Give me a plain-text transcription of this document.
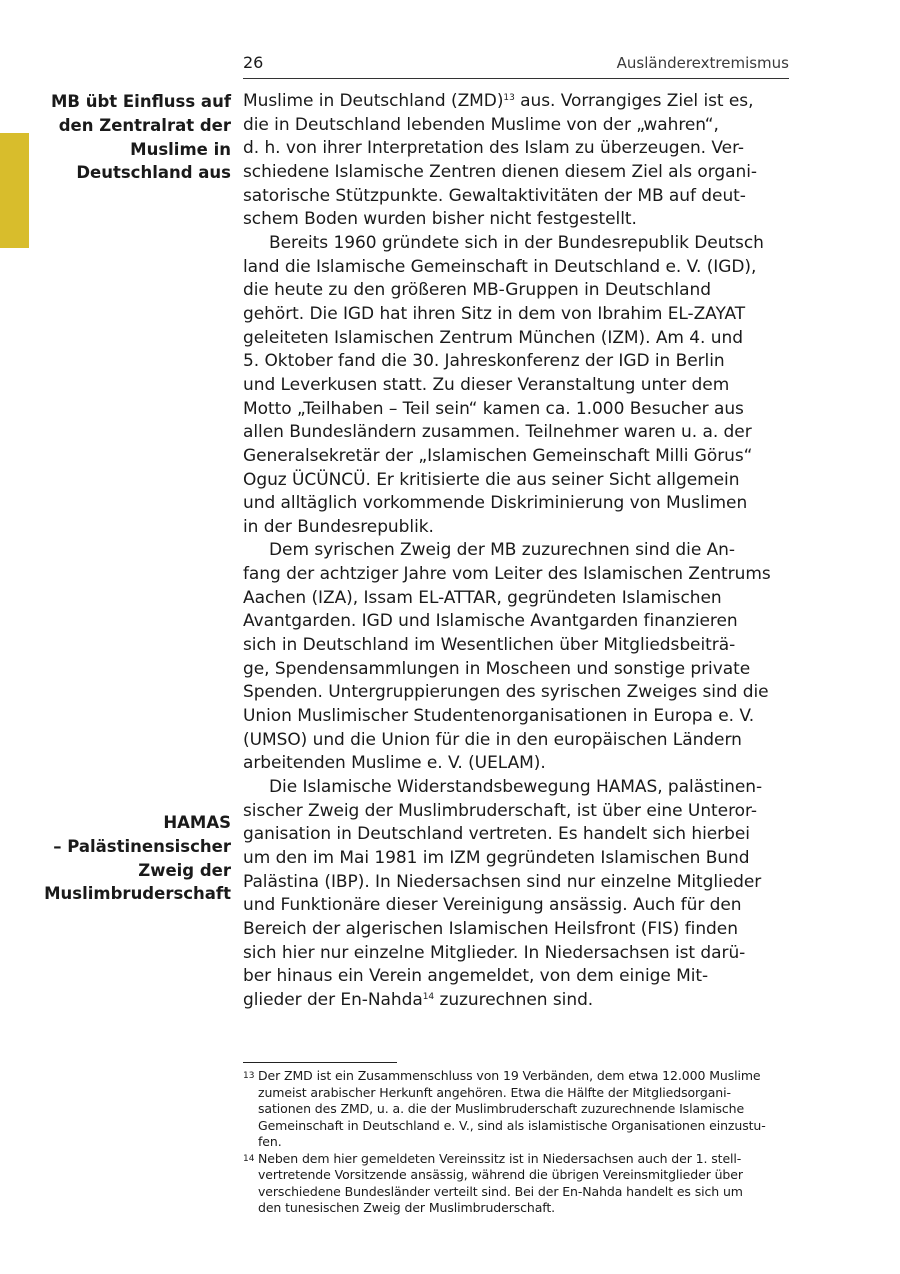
26	Ausländerextremismus

MB übt Einfluss auf
den Zentralrat der
Muslime in
Deutschland aus

HAMAS
– Palästinensischer
Zweig der
Muslimbruderschaft

Muslime in Deutschland (ZMD)$^{13}$ aus. Vorrangiges Ziel ist es,
die in Deutschland lebenden Muslime von der „wahren“,
d. h. von ihrer Interpretation des Islam zu überzeugen. Ver-
schiedene Islamische Zentren dienen diesem Ziel als organi-
satorische Stützpunkte. Gewaltaktivitäten der MB auf deut-
schem Boden wurden bisher nicht festgestellt.
Bereits 1960 gründete sich in der Bundesrepublik Deutsch
land die Islamische Gemeinschaft in Deutschland e. V. (IGD),
die heute zu den größeren MB-Gruppen in Deutschland
gehört. Die IGD hat ihren Sitz in dem von Ibrahim EL-ZAYAT
geleiteten Islamischen Zentrum München (IZM). Am 4. und
5. Oktober fand die 30. Jahreskonferenz der IGD in Berlin
und Leverkusen statt. Zu dieser Veranstaltung unter dem
Motto „Teilhaben – Teil sein“ kamen ca. 1.000 Besucher aus
allen Bundesländern zusammen. Teilnehmer waren u. a. der
Generalsekretär der „Islamischen Gemeinschaft Milli Görus“
Oguz ÜCÜNCÜ. Er kritisierte die aus seiner Sicht allgemein
und alltäglich vorkommende Diskriminierung von Muslimen
in der Bundesrepublik.
Dem syrischen Zweig der MB zuzurechnen sind die An-
fang der achtziger Jahre vom Leiter des Islamischen Zentrums
Aachen (IZA), Issam EL-ATTAR, gegründeten Islamischen
Avantgarden. IGD und Islamische Avantgarden finanzieren
sich in Deutschland im Wesentlichen über Mitgliedsbeiträ-
ge, Spendensammlungen in Moscheen und sonstige private
Spenden. Untergruppierungen des syrischen Zweiges sind die
Union Muslimischer Studentenorganisationen in Europa e. V.
(UMSO) und die Union für die in den europäischen Ländern
arbeitenden Muslime e. V. (UELAM).
Die Islamische Widerstandsbewegung HAMAS, palästinen-
sischer Zweig der Muslimbruderschaft, ist über eine Unteror-
ganisation in Deutschland vertreten. Es handelt sich hierbei
um den im Mai 1981 im IZM gegründeten Islamischen Bund
Palästina (IBP). In Niedersachsen sind nur einzelne Mitglieder
und Funktionäre dieser Vereinigung ansässig. Auch für den
Bereich der algerischen Islamischen Heilsfront (FIS) finden
sich hier nur einzelne Mitglieder. In Niedersachsen ist darü-
ber hinaus ein Verein angemeldet, von dem einige Mit-
glieder der En-Nahda$^{14}$ zuzurechnen sind.
13 Der ZMD ist ein Zusammenschluss von 19 Verbänden, dem etwa 12.000 Muslime
zumeist arabischer Herkunft angehören. Etwa die Hälfte der Mitgliedsorgani-
sationen des ZMD, u. a. die der Muslimbruderschaft zuzurechnende Islamische
Gemeinschaft in Deutschland e. V., sind als islamistische Organisationen einzustu-
fen.
14 Neben dem hier gemeldeten Vereinssitz ist in Niedersachsen auch der 1. stell-
vertretende Vorsitzende ansässig, während die übrigen Vereinsmitglieder über
verschiedene Bundesländer verteilt sind. Bei der En-Nahda handelt es sich um
den tunesischen Zweig der Muslimbruderschaft.
